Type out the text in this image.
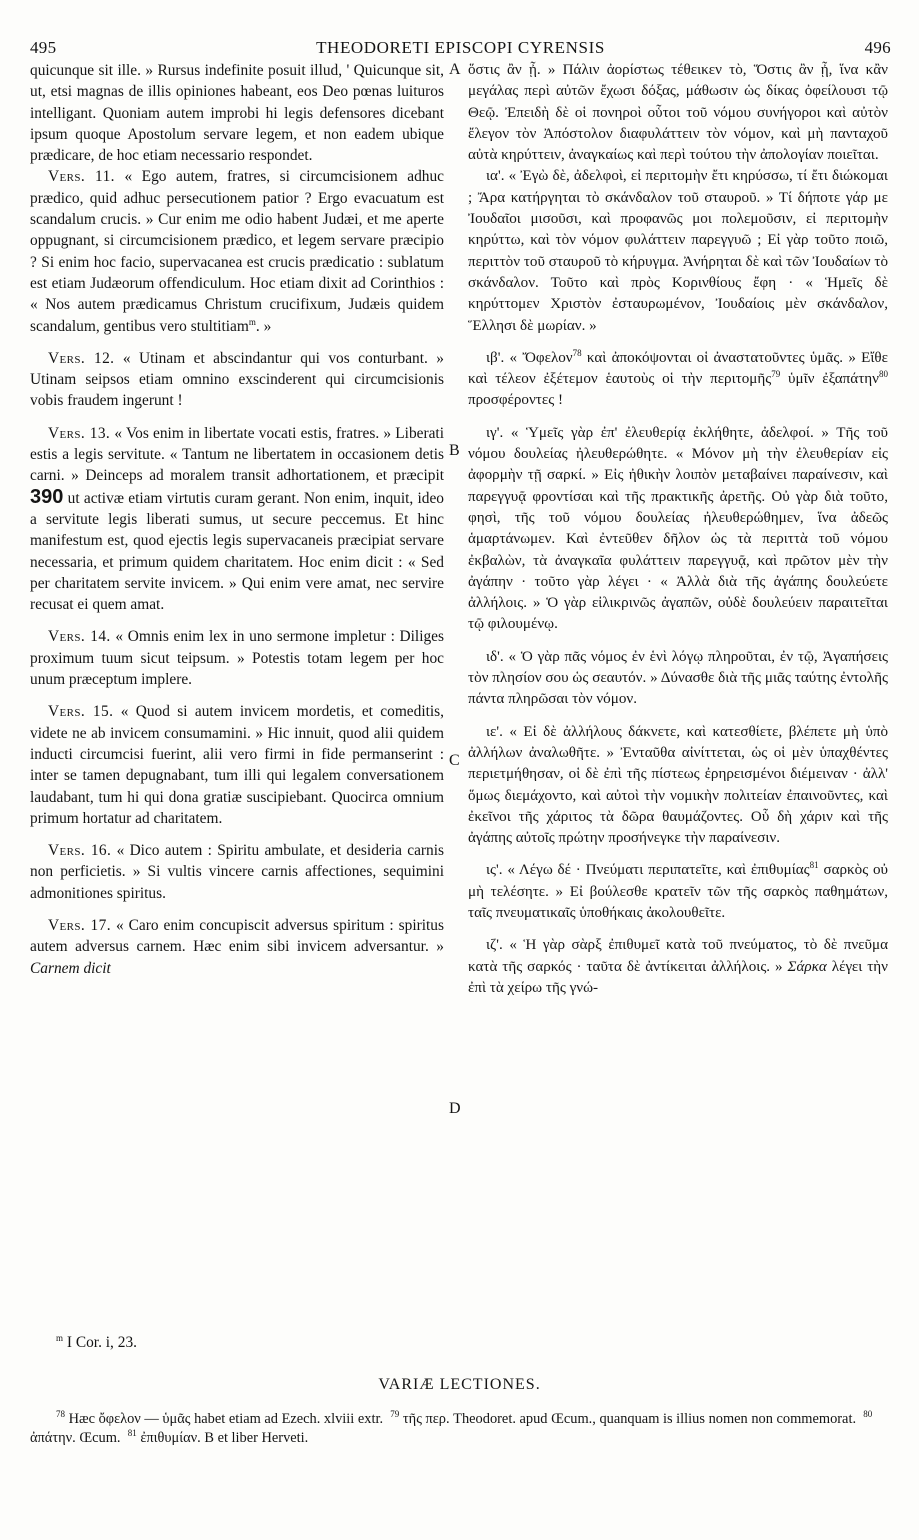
495	THEODORETI EPISCOPI CYRENSIS	496
A
B
C
D

quicunque sit ille. » Rursus indefinite posuit illud, ' Quicunque sit, ut, etsi magnas de illis opiniones habeant, eos Deo pœnas luituros intelligant. Quoniam autem improbi hi legis defensores dicebant ipsum quoque Apostolum servare legem, et non eadem ubique prædicare, de hoc etiam necessario respondet.

Vers. 11. « Ego autem, fratres, si circumcisionem adhuc prædico, quid adhuc persecutionem patior ? Ergo evacuatum est scandalum crucis. » Cur enim me odio habent Judæi, et me aperte oppugnant, si circumcisionem prædico, et legem servare præcipio ? Si enim hoc facio, supervacanea est crucis prædicatio : sublatum est etiam Judæorum offendiculum. Hoc etiam dixit ad Corinthios : « Nos autem prædicamus Christum crucifixum, Judæis quidem scandalum, gentibus vero stultitiam$^m$. »

Vers. 12. « Utinam et abscindantur qui vos conturbant. » Utinam seipsos etiam omnino exscinderent qui circumcisionis vobis fraudem ingerunt !

Vers. 13. « Vos enim in libertate vocati estis, fratres. » Liberati estis a legis servitute. « Tantum ne libertatem in occasionem detis carni. » Deinceps ad moralem transit adhortationem, et præcipit 390 ut activæ etiam virtutis curam gerant. Non enim, inquit, ideo a servitute legis liberati sumus, ut secure peccemus. Et hinc manifestum est, quod ejectis legis supervacaneis præcipiat servare necessaria, et primum quidem charitatem. Hoc enim dicit : « Sed per charitatem servite invicem. » Qui enim vere amat, nec servire recusat ei quem amat.

Vers. 14. « Omnis enim lex in uno sermone impletur : Diliges proximum tuum sicut teipsum. » Potestis totam legem per hoc unum præceptum implere.

Vers. 15. « Quod si autem invicem mordetis, et comeditis, videte ne ab invicem consumamini. » Hic innuit, quod alii quidem inducti circumcisi fuerint, alii vero firmi in fide permanserint : inter se tamen depugnabant, tum illi qui legalem conversationem laudabant, tum hi qui dona gratiæ suscipiebant. Quocirca omnium primum hortatur ad charitatem.

Vers. 16. « Dico autem : Spiritu ambulate, et desideria carnis non perficietis. » Si vultis vincere carnis affectiones, sequimini admonitiones spiritus.

Vers. 17. « Caro enim concupiscit adversus spiritum : spiritus autem adversus carnem. Hæc enim sibi invicem adversantur. » Carnem dicit

ὅστις ἂν ᾖ. » Πάλιν ἀορίστως τέθεικεν τὸ, Ὅστις ἂν ᾖ, ἵνα κἂν μεγάλας περὶ αὐτῶν ἔχωσι δόξας, μάθωσιν ὡς δίκας ὀφείλουσι τῷ Θεῷ. Ἐπειδὴ δὲ οἱ πονηροὶ οὗτοι τοῦ νόμου συνήγοροι καὶ αὐτὸν ἔλεγον τὸν Ἀπόστολον διαφυλάττειν τὸν νόμον, καὶ μὴ πανταχοῦ αὐτὰ κηρύττειν, ἀναγκαίως καὶ περὶ τούτου τὴν ἀπολογίαν ποιεῖται.

ια'. « Ἐγὼ δὲ, ἀδελφοὶ, εἰ περιτομὴν ἔτι κηρύσσω, τί ἔτι διώκομαι ; Ἄρα κατήργηται τὸ σκάνδαλον τοῦ σταυροῦ. » Τί δήποτε γάρ με Ἰουδαῖοι μισοῦσι, καὶ προφανῶς μοι πολεμοῦσιν, εἰ περιτομὴν κηρύττω, καὶ τὸν νόμον φυλάττειν παρεγγυῶ ; Εἰ γὰρ τοῦτο ποιῶ, περιττὸν τοῦ σταυροῦ τὸ κήρυγμα. Ἀνήρηται δὲ καὶ τῶν Ἰουδαίων τὸ σκάνδαλον. Τοῦτο καὶ πρὸς Κορινθίους ἔφη · « Ἡμεῖς δὲ κηρύττομεν Χριστὸν ἐσταυρωμένον, Ἰουδαίοις μὲν σκάνδαλον, Ἕλλησι δὲ μωρίαν. »

ιβ'. « Ὄφελον$^{78}$ καὶ ἀποκόψονται οἱ ἀναστατοῦντες ὑμᾶς. » Εἴθε καὶ τέλεον ἐξέτεμον ἑαυτοὺς οἱ τὴν περιτομῆς$^{79}$ ὑμῖν ἐξαπάτην$^{80}$ προσφέροντες !

ιγ'. « Ὑμεῖς γὰρ ἐπ' ἐλευθερίᾳ ἐκλήθητε, ἀδελφοί. » Τῆς τοῦ νόμου δουλείας ἠλευθερώθητε. « Μόνον μὴ τὴν ἐλευθερίαν εἰς ἀφορμὴν τῇ σαρκί. » Εἰς ἠθικὴν λοιπὸν μεταβαίνει παραίνεσιν, καὶ παρεγγυᾷ φροντίσαι καὶ τῆς πρακτικῆς ἀρετῆς. Οὐ γὰρ διὰ τοῦτο, φησὶ, τῆς τοῦ νόμου δουλείας ἠλευθερώθημεν, ἵνα ἀδεῶς ἁμαρτάνωμεν. Καὶ ἐντεῦθεν δῆλον ὡς τὰ περιττὰ τοῦ νόμου ἐκβαλὼν, τὰ ἀναγκαῖα φυλάττειν παρεγγυᾷ, καὶ πρῶτον μὲν τὴν ἀγάπην · τοῦτο γὰρ λέγει · « Ἀλλὰ διὰ τῆς ἀγάπης δουλεύετε ἀλλήλοις. » Ὁ γὰρ εἰλικρινῶς ἀγαπῶν, οὐδὲ δουλεύειν παραιτεῖται τῷ φιλουμένῳ.

ιδ'. « Ὁ γὰρ πᾶς νόμος ἐν ἑνὶ λόγῳ πληροῦται, ἐν τῷ, Ἀγαπήσεις τὸν πλησίον σου ὡς σεαυτόν. » Δύνασθε διὰ τῆς μιᾶς ταύτης ἐντολῆς πάντα πληρῶσαι τὸν νόμον.

ιε'. « Εἰ δὲ ἀλλήλους δάκνετε, καὶ κατεσθίετε, βλέπετε μὴ ὑπὸ ἀλλήλων ἀναλωθῆτε. » Ἐνταῦθα αἰνίττεται, ὡς οἱ μὲν ὑπαχθέντες περιετμήθησαν, οἱ δὲ ἐπὶ τῆς πίστεως ἐρηρεισμένοι διέμειναν · ἀλλ' ὅμως διεμάχοντο, καὶ αὐτοὶ τὴν νομικὴν πολιτείαν ἐπαινοῦντες, καὶ ἐκεῖνοι τῆς χάριτος τὰ δῶρα θαυμάζοντες. Οὗ δὴ χάριν καὶ τῆς ἀγάπης αὐτοῖς πρώτην προσήνεγκε τὴν παραίνεσιν.

ις'. « Λέγω δέ · Πνεύματι περιπατεῖτε, καὶ ἐπιθυμίας$^{81}$ σαρκὸς οὐ μὴ τελέσητε. » Εἰ βούλεσθε κρατεῖν τῶν τῆς σαρκὸς παθημάτων, ταῖς πνευματικαῖς ὑποθήκαις ἀκολουθεῖτε.

ιζ'. « Ἡ γὰρ σὰρξ ἐπιθυμεῖ κατὰ τοῦ πνεύματος, τὸ δὲ πνεῦμα κατὰ τῆς σαρκός · ταῦτα δὲ ἀντίκειται ἀλλήλοις. » Σάρκα λέγει τὴν ἐπὶ τὰ χείρω τῆς γνώ-

$^m$ I Cor. i, 23.
VARIÆ LECTIONES.
$^{78}$ Hæc ὄφελον — ὑμᾶς habet etiam ad Ezech. xlviii extr. $^{79}$ τῆς περ. Theodoret. apud Œcum., quanquam is illius nomen non commemorat. $^{80}$ ἀπάτην. Œcum. $^{81}$ ἐπιθυμίαν. B et liber Herveti.
